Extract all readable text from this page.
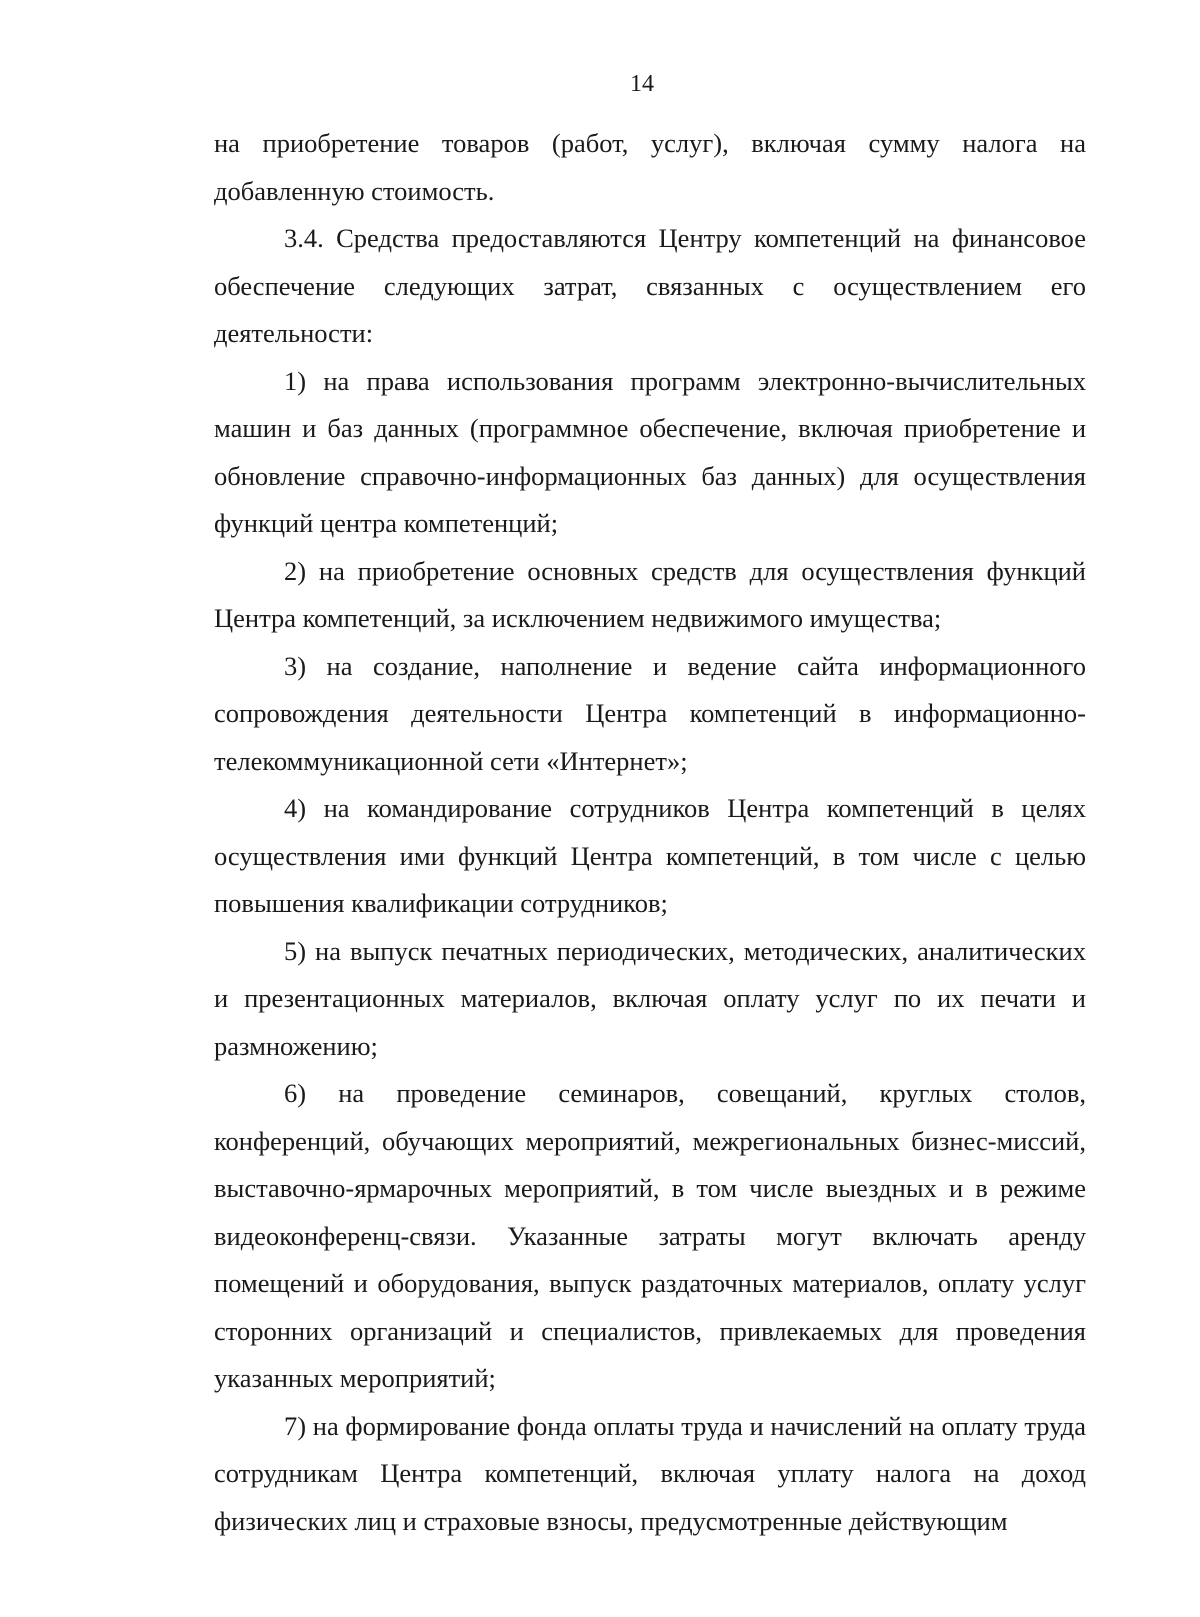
14

на приобретение товаров (работ, услуг), включая сумму налога на добавленную стоимость.

3.4. Средства предоставляются Центру компетенций на финансовое обеспечение следующих затрат, связанных с осуществлением его деятельности:

1) на права использования программ электронно-вычислительных машин и баз данных (программное обеспечение, включая приобретение и обновление справочно-информационных баз данных) для осуществления функций центра компетенций;

2) на приобретение основных средств для осуществления функций Центра компетенций, за исключением недвижимого имущества;

3) на создание, наполнение и ведение сайта информационного сопровождения деятельности Центра компетенций в информационно-телекоммуникационной сети «Интернет»;

4) на командирование сотрудников Центра компетенций в целях осуществления ими функций Центра компетенций, в том числе с целью повышения квалификации сотрудников;

5) на выпуск печатных периодических, методических, аналитических и презентационных материалов, включая оплату услуг по их печати и размножению;

6) на проведение семинаров, совещаний, круглых столов, конференций, обучающих мероприятий, межрегиональных бизнес-миссий, выставочно-ярмарочных мероприятий, в том числе выездных и в режиме видеоконференц-связи. Указанные затраты могут включать аренду помещений и оборудования, выпуск раздаточных материалов, оплату услуг сторонних организаций и специалистов, привлекаемых для проведения указанных мероприятий;

7) на формирование фонда оплаты труда и начислений на оплату труда сотрудникам Центра компетенций, включая уплату налога на доход физических лиц и страховые взносы, предусмотренные действующим
